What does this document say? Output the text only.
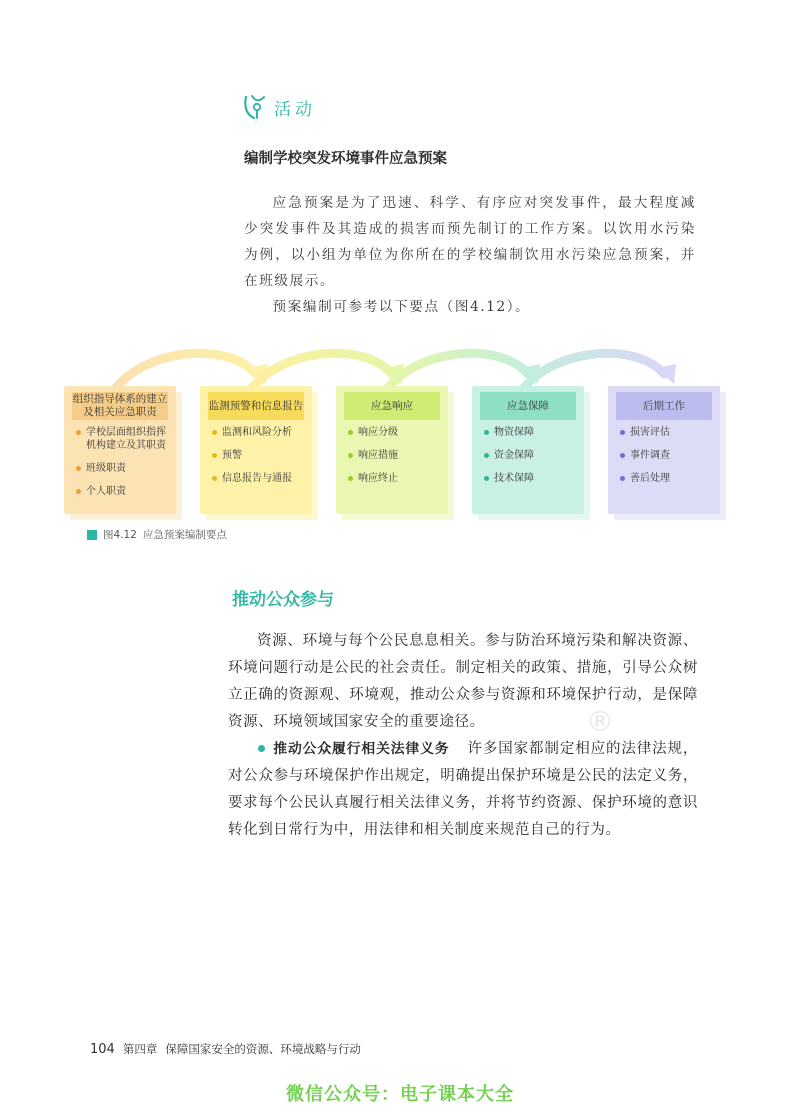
活动
编制学校突发环境事件应急预案

应急预案是为了迅速、科学、有序应对突发事件，最大程度减少突发事件及其造成的损害而预先制订的工作方案。以饮用水污染为例，以小组为单位为你所在的学校编制饮用水污染应急预案，并在班级展示。

预案编制可参考以下要点（图4.12）。

组织指导体系的建立及相关应急职责
学校层面组织指挥机构建立及其职责
班级职责
个人职责
监测预警和信息报告
监测和风险分析
预警
信息报告与通报
应急响应
响应分级
响应措施
响应终止
应急保障
物资保障
资金保障
技术保障
后期工作
损害评估
事件调查
善后处理
图4.12 应急预案编制要点
推动公众参与
®

资源、环境与每个公民息息相关。参与防治环境污染和解决资源、环境问题行动是公民的社会责任。制定相关的政策、措施，引导公众树立正确的资源观、环境观，推动公众参与资源和环境保护行动，是保障资源、环境领域国家安全的重要途径。

推动公众履行相关法律义务 许多国家都制定相应的法律法规，对公众参与环境保护作出规定，明确提出保护环境是公民的法定义务，要求每个公民认真履行相关法律义务，并将节约资源、保护环境的意识转化到日常行为中，用法律和相关制度来规范自己的行为。

104 第四章 保障国家安全的资源、环境战略与行动
微信公众号：电子课本大全
